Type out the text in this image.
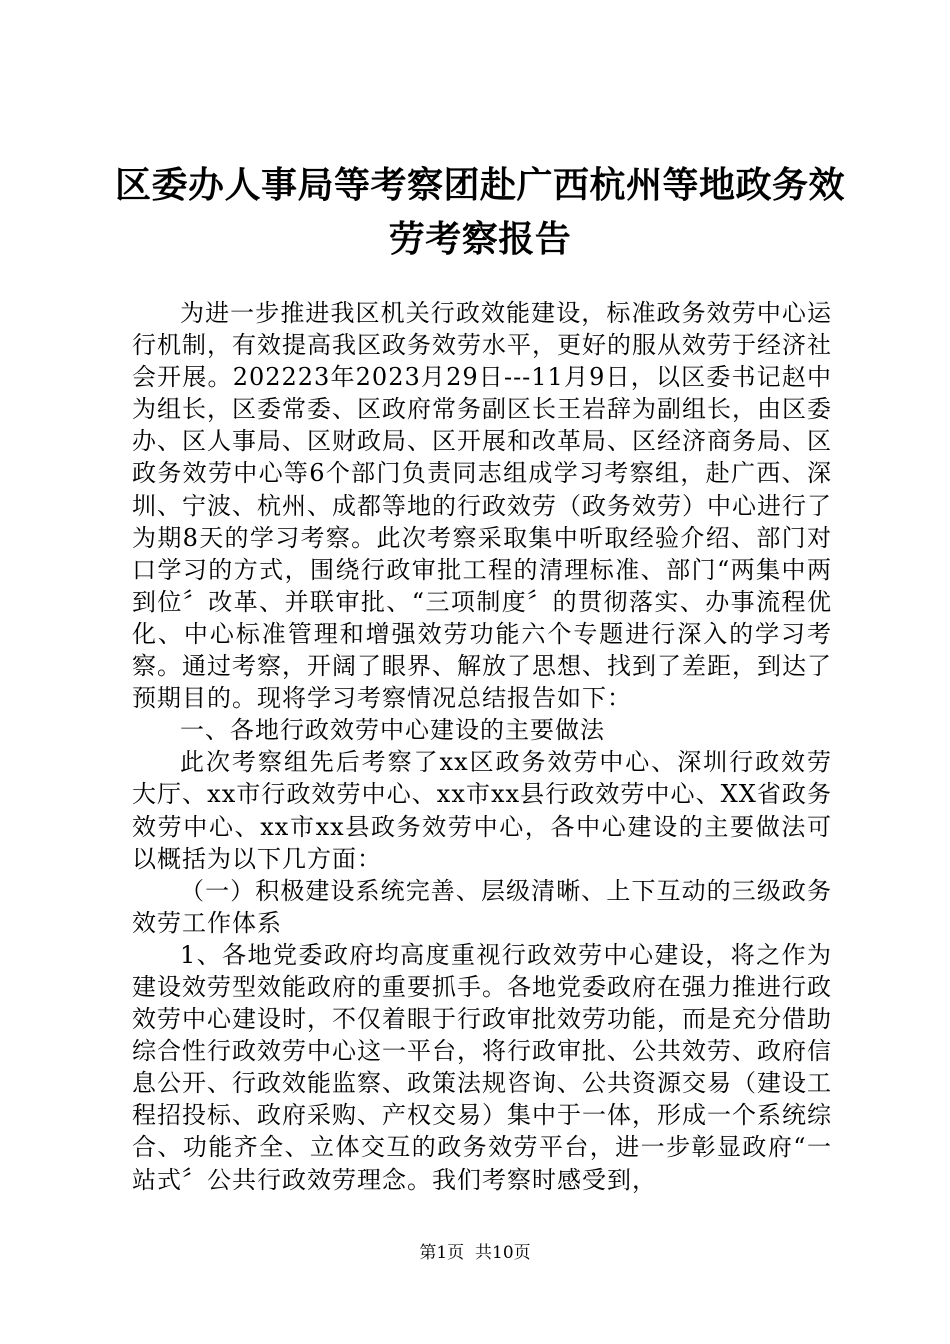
区委办人事局等考察团赴广西杭州等地政务效劳考察报告

为进一步推进我区机关行政效能建设，标准政务效劳中心运行机制，有效提高我区政务效劳水平，更好的服从效劳于经济社会开展。202223年2023月29日---11月9日，以区委书记赵中为组长，区委常委、区政府常务副区长王岩辞为副组长，由区委办、区人事局、区财政局、区开展和改革局、区经济商务局、区政务效劳中心等6个部门负责同志组成学习考察组，赴广西、深圳、宁波、杭州、成都等地的行政效劳（政务效劳）中心进行了为期8天的学习考察。此次考察采取集中听取经验介绍、部门对口学习的方式，围绕行政审批工程的清理标准、部门“两集中两到位〞改革、并联审批、“三项制度〞的贯彻落实、办事流程优化、中心标准管理和增强效劳功能六个专题进行深入的学习考察。通过考察，开阔了眼界、解放了思想、找到了差距，到达了预期目的。现将学习考察情况总结报告如下：

一、各地行政效劳中心建设的主要做法

此次考察组先后考察了xx区政务效劳中心、深圳行政效劳大厅、xx市行政效劳中心、xx市xx县行政效劳中心、XX省政务效劳中心、xx市xx县政务效劳中心，各中心建设的主要做法可以概括为以下几方面：

（一）积极建设系统完善、层级清晰、上下互动的三级政务效劳工作体系

1、各地党委政府均高度重视行政效劳中心建设，将之作为建设效劳型效能政府的重要抓手。各地党委政府在强力推进行政效劳中心建设时，不仅着眼于行政审批效劳功能，而是充分借助综合性行政效劳中心这一平台，将行政审批、公共效劳、政府信息公开、行政效能监察、政策法规咨询、公共资源交易（建设工程招投标、政府采购、产权交易）集中于一体，形成一个系统综合、功能齐全、立体交互的政务效劳平台，进一步彰显政府“一站式〞公共行政效劳理念。我们考察时感受到，

第1页 共10页
